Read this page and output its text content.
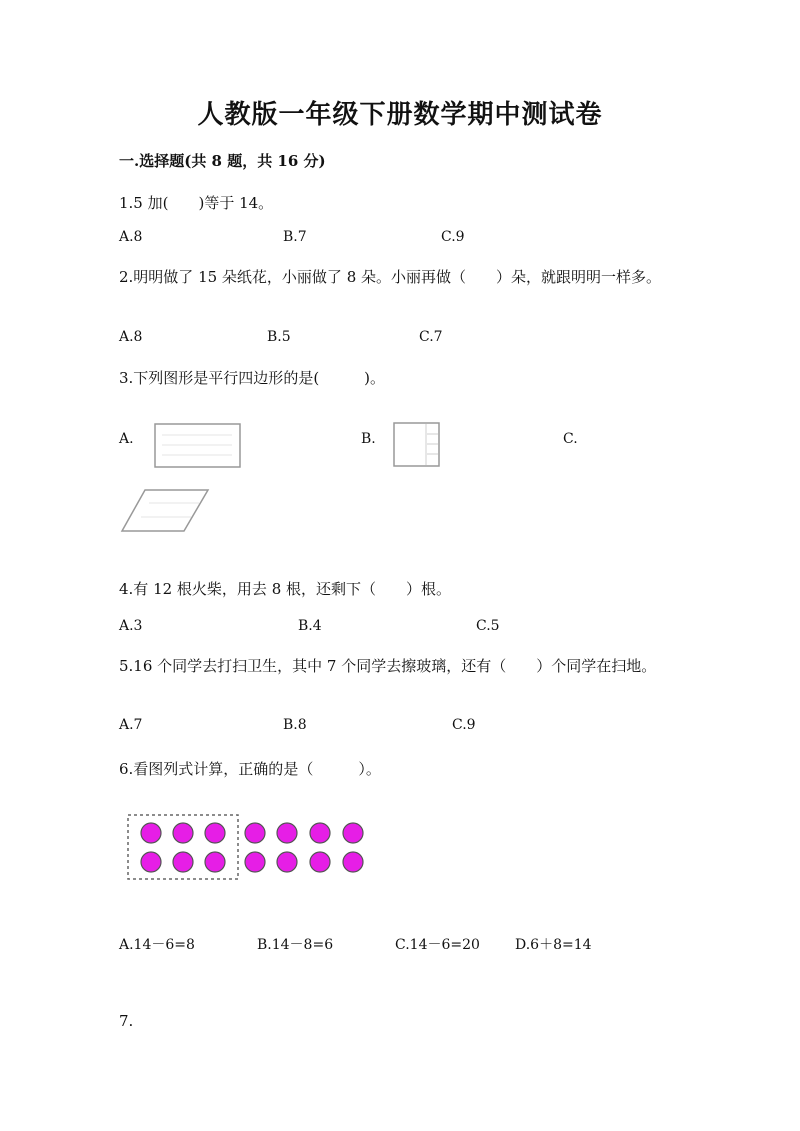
人教版一年级下册数学期中测试卷
一.选择题(共 8 题，共 16 分)
1.5 加(　　)等于 14。
A.8	B.7	C.9
2.明明做了 15 朵纸花，小丽做了 8 朵。小丽再做（　　）朵，就跟明明一样多。
A.8	B.5	C.7
3.下列图形是平行四边形的是(　　　)。
A.	B.	C.
4.有 12 根火柴，用去 8 根，还剩下（　　）根。
A.3	B.4	C.5
5.16 个同学去打扫卫生，其中 7 个同学去擦玻璃，还有（　　）个同学在扫地。
A.7	B.8	C.9
6.看图列式计算，正确的是（　　　）。
A.14－6=8	B.14－8=6	C.14－6=20	D.6＋8=14
7.
